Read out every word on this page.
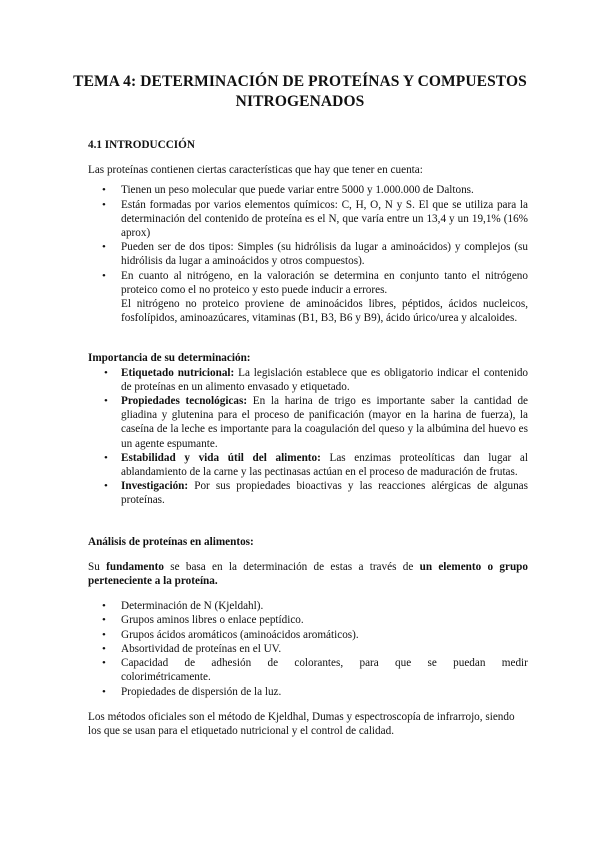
TEMA 4: DETERMINACIÓN DE PROTEÍNAS Y COMPUESTOS
NITROGENADOS

4.1 INTRODUCCIÓN

Las proteínas contienen ciertas características que hay que tener en cuenta:

• Tienen un peso molecular que puede variar entre 5000 y 1.000.000 de Daltons.
• Están formadas por varios elementos químicos: C, H, O, N y S. El que se utiliza para la determinación del contenido de proteína es el N, que varía entre un 13,4 y un 19,1% (16% aprox)
• Pueden ser de dos tipos: Simples (su hidrólisis da lugar a aminoácidos) y complejos (su hidrólisis da lugar a aminoácidos y otros compuestos).
• En cuanto al nitrógeno, en la valoración se determina en conjunto tanto el nitrógeno proteico como el no proteico y esto puede inducir a errores.
El nitrógeno no proteico proviene de aminoácidos libres, péptidos, ácidos nucleicos, fosfolípidos, aminoazúcares, vitaminas (B1, B3, B6 y B9), ácido úrico/urea y alcaloides.

Importancia de su determinación:

• Etiquetado nutricional: La legislación establece que es obligatorio indicar el contenido de proteínas en un alimento envasado y etiquetado.
• Propiedades tecnológicas: En la harina de trigo es importante saber la cantidad de gliadina y glutenina para el proceso de panificación (mayor en la harina de fuerza), la caseína de la leche es importante para la coagulación del queso y la albúmina del huevo es un agente espumante.
• Estabilidad y vida útil del alimento: Las enzimas proteolíticas dan lugar al ablandamiento de la carne y las pectinasas actúan en el proceso de maduración de frutas.
• Investigación: Por sus propiedades bioactivas y las reacciones alérgicas de algunas proteínas.

Análisis de proteínas en alimentos:

Su fundamento se basa en la determinación de estas a través de un elemento o grupo perteneciente a la proteína.

• Determinación de N (Kjeldahl).
• Grupos aminos libres o enlace peptídico.
• Grupos ácidos aromáticos (aminoácidos aromáticos).
• Absortividad de proteínas en el UV.
• Capacidad de adhesión de colorantes, para que se puedan medir
colorimétricamente.
• Propiedades de dispersión de la luz.

Los métodos oficiales son el método de Kjeldhal, Dumas y espectroscopía de infrarrojo, siendo los que se usan para el etiquetado nutricional y el control de calidad.
